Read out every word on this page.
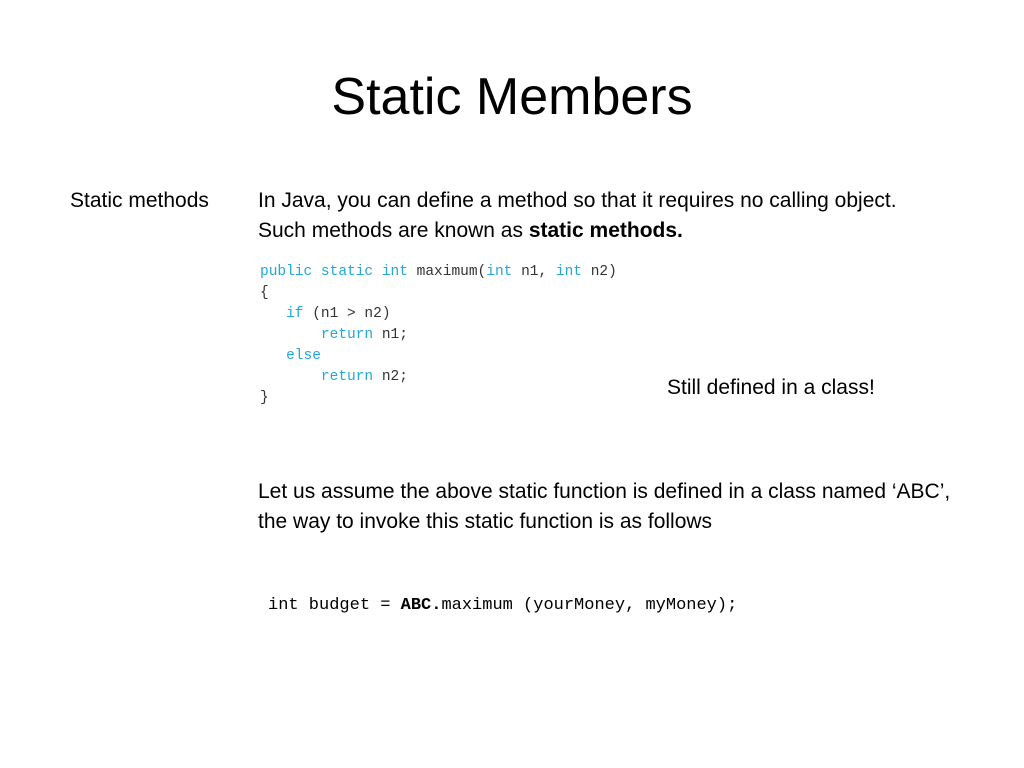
Static Members
Static methods In Java, you can define a method so that it requires no calling object. Such methods are known as static methods.
public static int maximum(int n1, int n2)
{
if (n1 > n2)
return n1;
else
return n2;
}	Still defined in a class!
Let us assume the above static function is defined in a class named ‘ABC’, the way to invoke this static function is as follows
int budget = ABC.maximum (yourMoney, myMoney);
